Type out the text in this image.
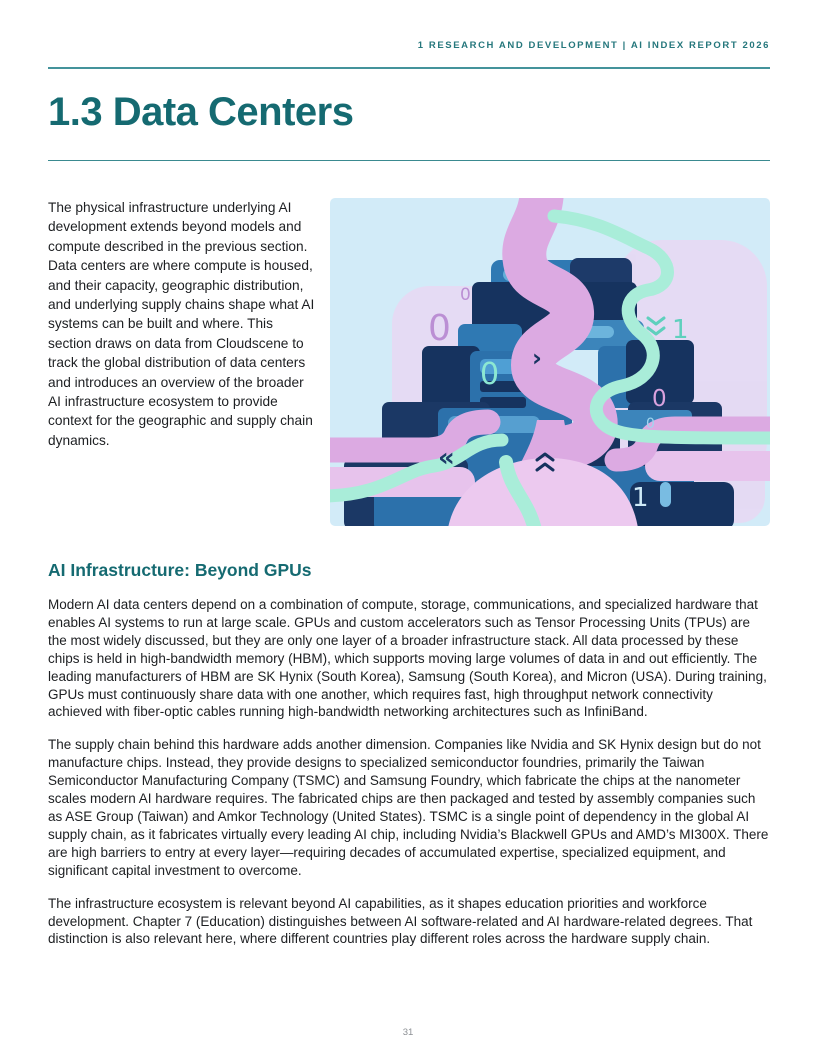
1 RESEARCH AND DEVELOPMENT | AI INDEX REPORT 2026
1.3 Data Centers
The physical infrastructure underlying AI development extends beyond models and compute described in the previous section. Data centers are where compute is housed, and their capacity, geographic distribution, and underlying supply chains shape what AI systems can be built and where. This section draws on data from Cloudscene to track the global distribution of data centers and introduces an overview of the broader AI infrastructure ecosystem to provide context for the geographic and supply chain dynamics.
0
0
0 ›
1
0
0
«
1
AI Infrastructure: Beyond GPUs

Modern AI data centers depend on a combination of compute, storage, communications, and specialized hardware that enables AI systems to run at large scale. GPUs and custom accelerators such as Tensor Processing Units (TPUs) are the most widely discussed, but they are only one layer of a broader infrastructure stack. All data processed by these chips is held in high-bandwidth memory (HBM), which supports moving large volumes of data in and out efficiently. The leading manufacturers of HBM are SK Hynix (South Korea), Samsung (South Korea), and Micron (USA). During training, GPUs must continuously share data with one another, which requires fast, high throughput network connectivity achieved with fiber-optic cables running high-bandwidth networking architectures such as InfiniBand.

The supply chain behind this hardware adds another dimension. Companies like Nvidia and SK Hynix design but do not manufacture chips. Instead, they provide designs to specialized semiconductor foundries, primarily the Taiwan Semiconductor Manufacturing Company (TSMC) and Samsung Foundry, which fabricate the chips at the nanometer scales modern AI hardware requires. The fabricated chips are then packaged and tested by assembly companies such as ASE Group (Taiwan) and Amkor Technology (United States). TSMC is a single point of dependency in the global AI supply chain, as it fabricates virtually every leading AI chip, including Nvidia’s Blackwell GPUs and AMD’s MI300X. There are high barriers to entry at every layer—requiring decades of accumulated expertise, specialized equipment, and significant capital investment to overcome.

The infrastructure ecosystem is relevant beyond AI capabilities, as it shapes education priorities and workforce development. Chapter 7 (Education) distinguishes between AI software-related and AI hardware-related degrees. That distinction is also relevant here, where different countries play different roles across the hardware supply chain.

31
